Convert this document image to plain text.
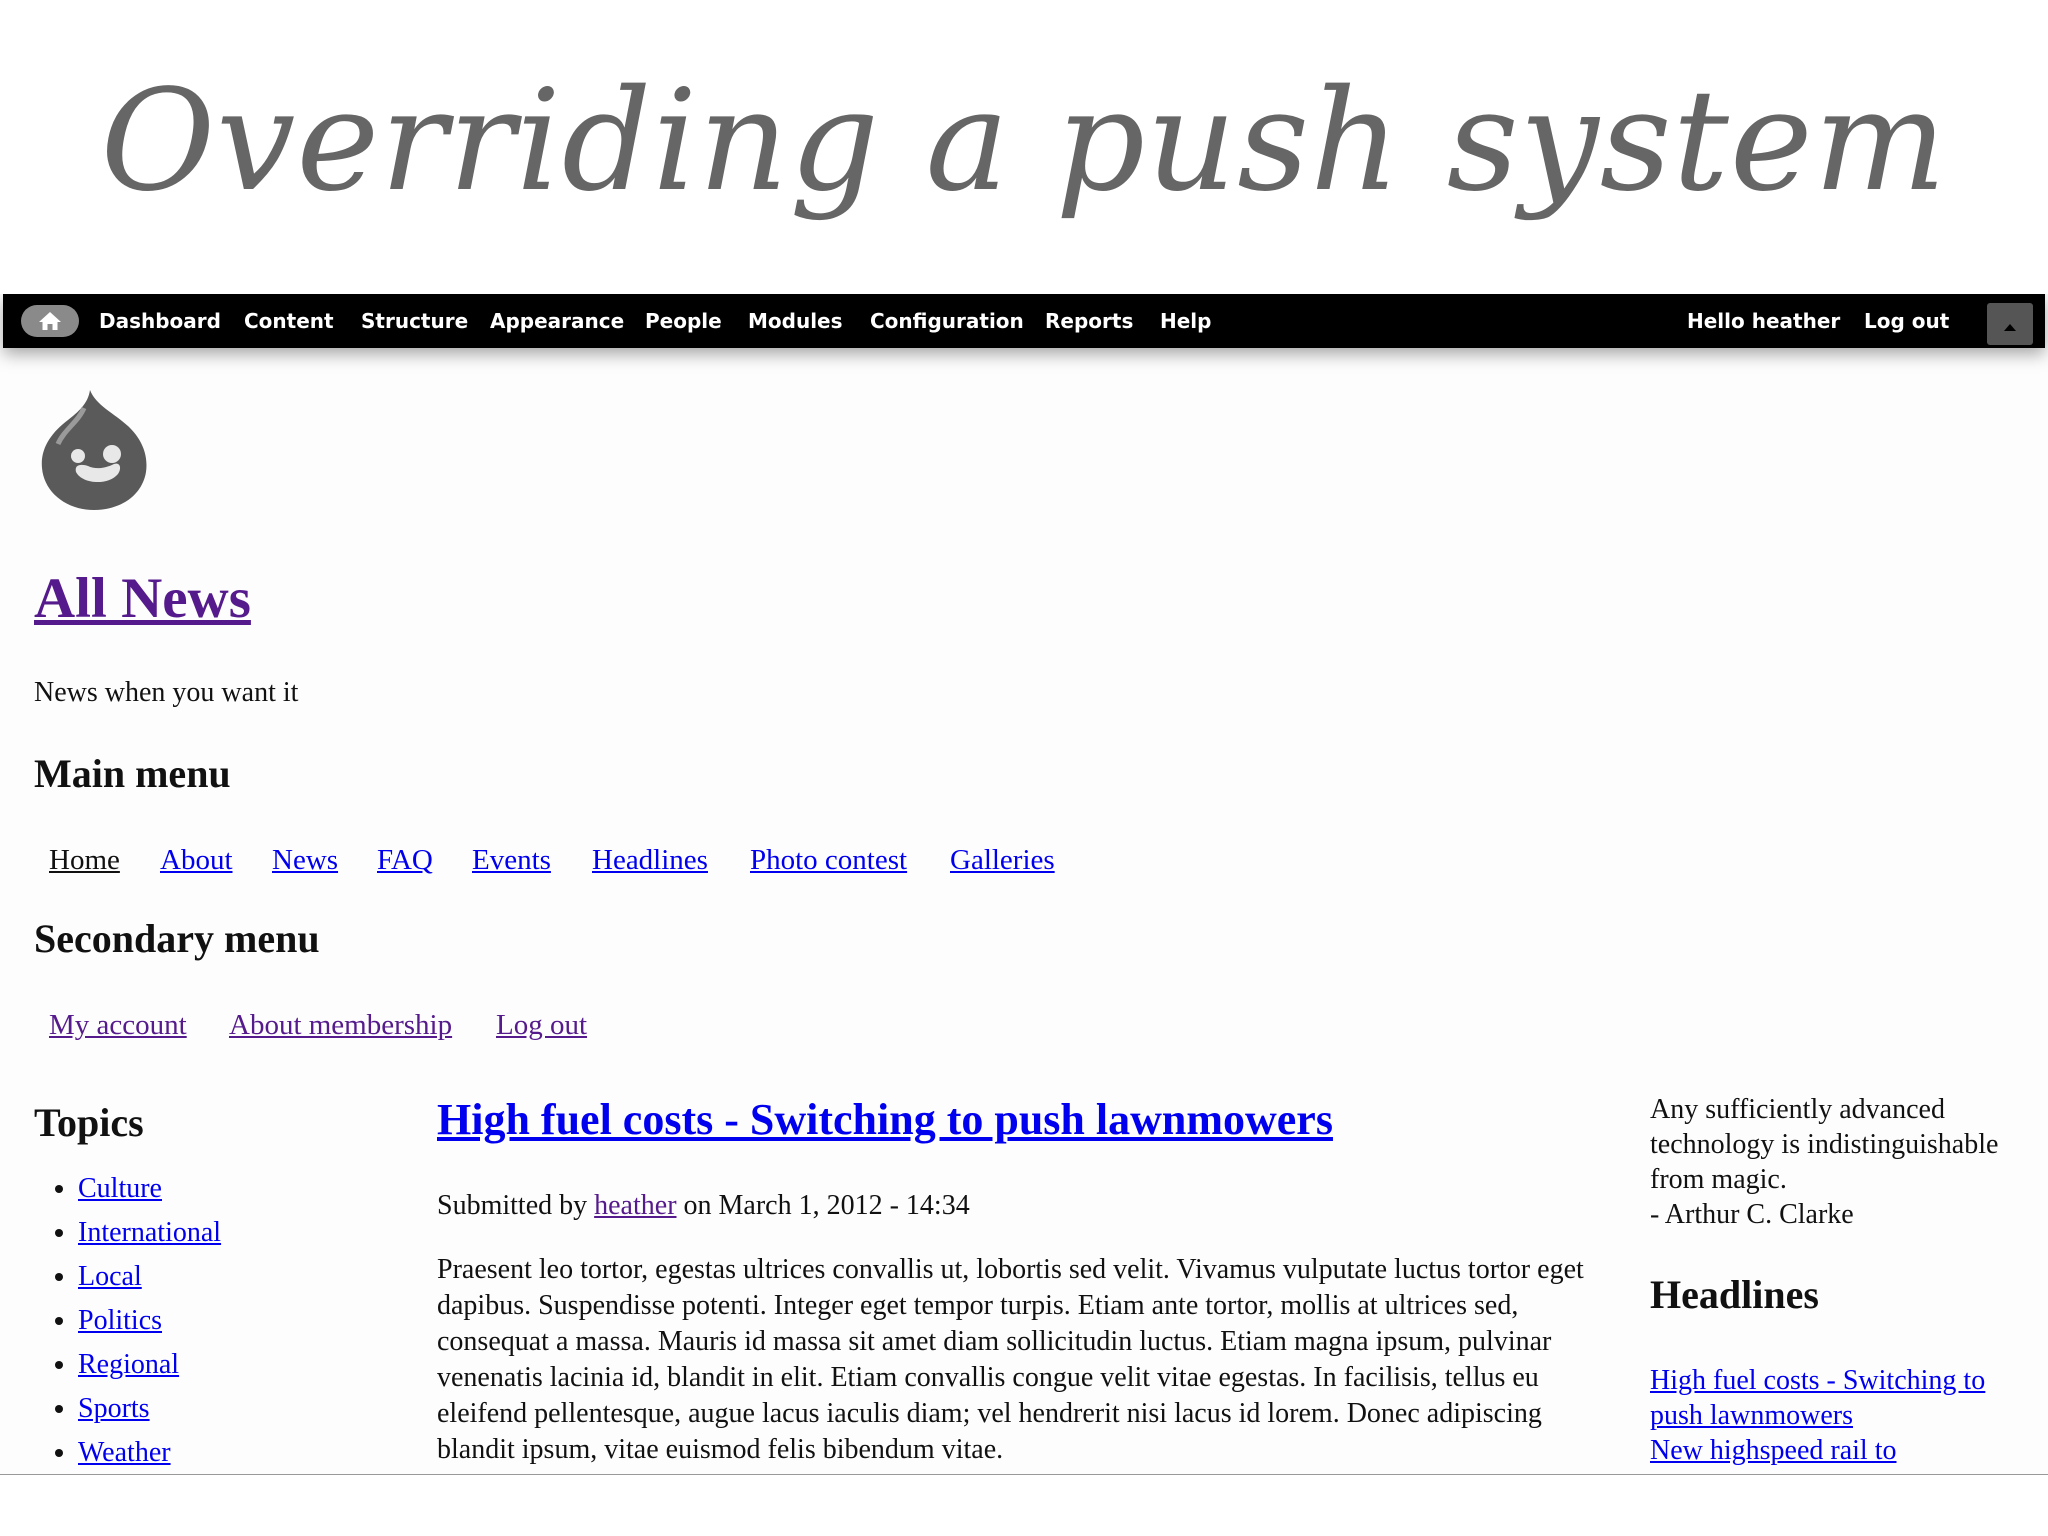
Overriding a push system
Dashboard Content Structure Appearance People Modules Configuration Reports Help	Hello heather Log out
All News
News when you want it
Main menu
Home About News FAQ Events Headlines Photo contest Galleries
Secondary menu
My account About membership Log out
Topics
• Culture
• International
• Local
• Politics
• Regional
• Sports
• Weather
High fuel costs - Switching to push lawnmowers
Submitted by heather on March 1, 2012 - 14:34
Praesent leo tortor, egestas ultrices convallis ut, lobortis sed velit. Vivamus vulputate luctus tortor eget dapibus. Suspendisse potenti. Integer eget tempor turpis. Etiam ante tortor, mollis at ultrices sed, consequat a massa. Mauris id massa sit amet diam sollicitudin luctus. Etiam magna ipsum, pulvinar venenatis lacinia id, blandit in elit. Etiam convallis congue velit vitae egestas. In facilisis, tellus eu eleifend pellentesque, augue lacus iaculis diam; vel hendrerit nisi lacus id lorem. Donec adipiscing blandit ipsum, vitae euismod felis bibendum vitae.
Any sufficiently advanced technology is indistinguishable from magic.
- Arthur C. Clarke
Headlines
High fuel costs - Switching to push lawnmowers
New highspeed rail to
